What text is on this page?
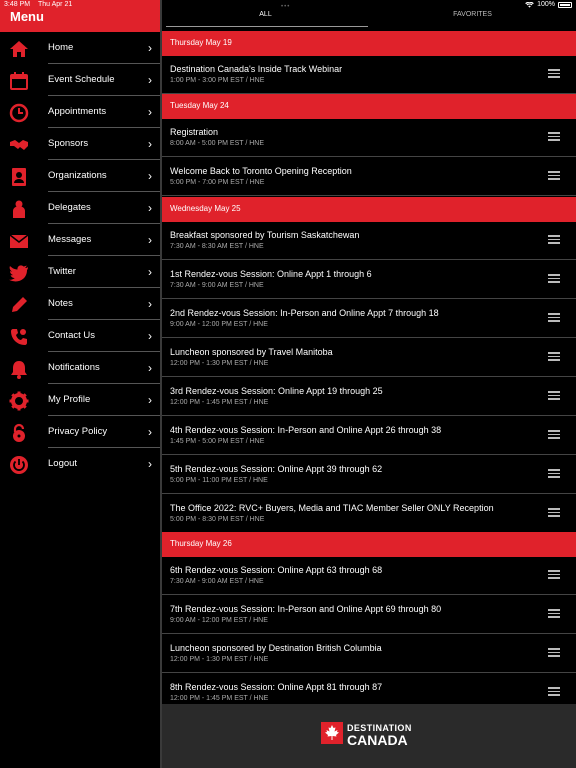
3:48 PM Thu Apr 21	100%
Menu
Home	›
Event Schedule	›
Appointments	›
Sponsors	›
Organizations	›
Delegates	›
Messages	›
Twitter	›
Notes	›
Contact Us	›
Notifications	›
My Profile	›
Privacy Policy	›
Logout	›
•••
ALL	FAVORITES
Thursday May 19
Destination Canada's Inside Track Webinar
1:00 PM - 3:00 PM EST / HNE
Tuesday May 24
Registration
8:00 AM - 5:00 PM EST / HNE
Welcome Back to Toronto Opening Reception
5:00 PM - 7:00 PM EST / HNE
Wednesday May 25
Breakfast sponsored by Tourism Saskatchewan
7:30 AM - 8:30 AM EST / HNE
1st Rendez-vous Session: Online Appt 1 through 6
7:30 AM - 9:00 AM EST / HNE
2nd Rendez-vous Session: In-Person and Online Appt 7 through 18
9:00 AM - 12:00 PM EST / HNE
Luncheon sponsored by Travel Manitoba
12:00 PM - 1:30 PM EST / HNE
3rd Rendez-vous Session: Online Appt 19 through 25
12:00 PM - 1:45 PM EST / HNE
4th Rendez-vous Session: In-Person and Online Appt 26 through 38
1:45 PM - 5:00 PM EST / HNE
5th Rendez-vous Session: Online Appt 39 through 62
5:00 PM - 11:00 PM EST / HNE
The Office 2022: RVC+ Buyers, Media and TIAC Member Seller ONLY Reception
5:00 PM - 8:30 PM EST / HNE
Thursday May 26
6th Rendez-vous Session: Online Appt 63 through 68
7:30 AM - 9:00 AM EST / HNE
7th Rendez-vous Session: In-Person and Online Appt 69 through 80
9:00 AM - 12:00 PM EST / HNE
Luncheon sponsored by Destination British Columbia
12:00 PM - 1:30 PM EST / HNE
8th Rendez-vous Session: Online Appt 81 through 87
12:00 PM - 1:45 PM EST / HNE
DESTINATION
CANADA
